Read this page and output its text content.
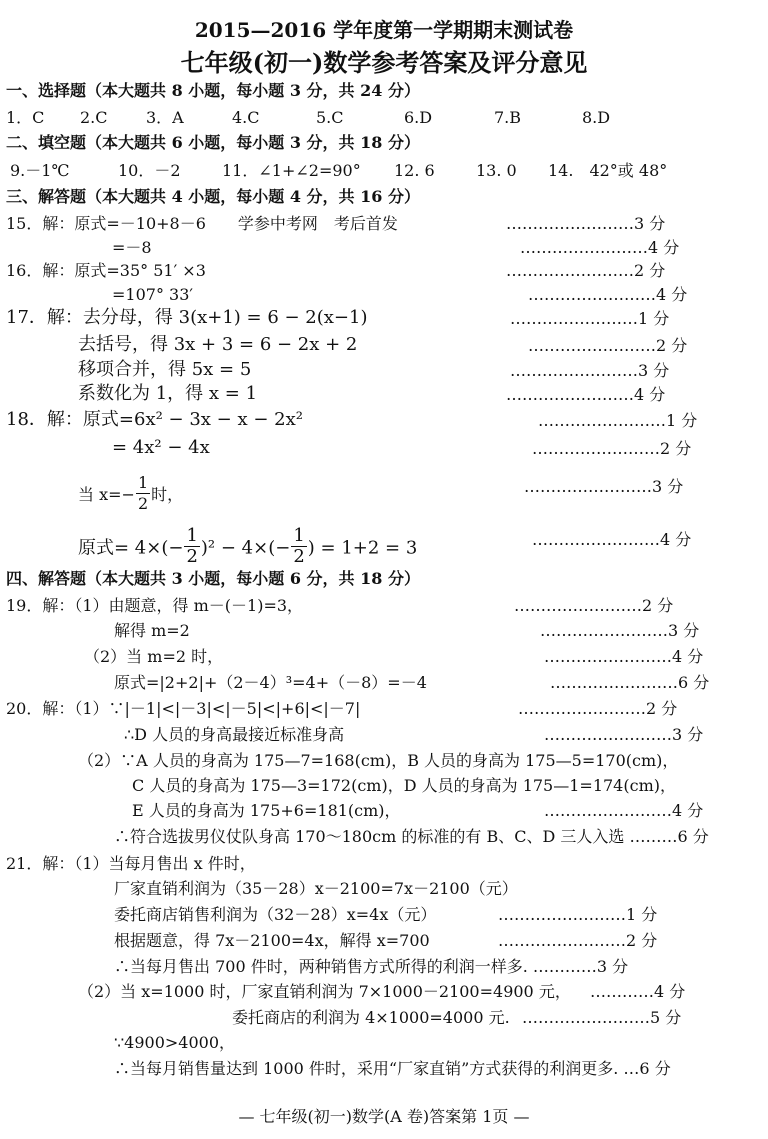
2015—2016 学年度第一学期期末测试卷
七年级(初一)数学参考答案及评分意见
一、选择题（本大题共 8 小题，每小题 3 分，共 24 分）
1．C 2.C 3．A	4.C	5.C	6.D	7.B	8.D
二、填空题（本大题共 6 小题，每小题 3 分，共 18 分）
9.－1℃	10．－2	11．∠1+∠2=90° 12. 6	13. 0 14.　42°或 48°
三、解答题（本大题共 4 小题，每小题 4 分，共 16 分）
15．解：原式=－10+8－6　　学参中考网　考后首发	……………………3 分
=－8	……………………4 分
16．解：原式=35° 51′ ×3	……………………2 分
=107° 33′	……………………4 分
17．解：去分母，得 3(x+1) = 6 − 2(x−1)	……………………1 分
去括号，得 3x + 3 = 6 − 2x + 2	……………………2 分
移项合并，得 5x = 5	……………………3 分
系数化为 1，得 x = 1	……………………4 分
18．解：原式=6x² − 3x − x − 2x²	……………………1 分
= 4x² − 4x	……………………2 分
当 $x=- \frac{1}{2}$ 时，	……………………3 分
原式= $4\times(- \frac{1}{2} )^2 - 4\times(- \frac{1}{2}$ ) = 1+2 = 3	……………………4 分
四、解答题（本大题共 3 小题，每小题 6 分，共 18 分）
19．解：（1）由题意，得 m－(－1)=3，	……………………2 分
解得 m=2	……………………3 分
（2）当 m=2 时，	……………………4 分
原式=|2+2|+（2－4）³=4+（－8）=－4	……………………6 分
20．解：（1）∵|－1|<|－3|<|－5|<|+6|<|－7|	……………………2 分
∴D 人员的身高最接近标准身高	……………………3 分
（2）∵A 人员的身高为 175—7=168(cm)，B 人员的身高为 175—5=170(cm)，
C 人员的身高为 175—3=172(cm)，D 人员的身高为 175—1=174(cm)，
E 人员的身高为 175+6=181(cm)，	……………………4 分
∴符合选拔男仪仗队身高 170～180cm 的标准的有 B、C、D 三人入选 ………6 分
21．解：（1）当每月售出 x 件时，
厂家直销利润为（35－28）x－2100=7x－2100（元）
委托商店销售利润为（32－28）x=4x（元）	……………………1 分
根据题意，得 7x－2100=4x，解得 x=700	……………………2 分
∴当每月售出 700 件时，两种销售方式所得的利润一样多. …………3 分
（2）当 x=1000 时，厂家直销利润为 7×1000－2100=4900 元， …………4 分
委托商店的利润为 4×1000=4000 元. ……………………5 分
∵4900>4000，
∴当每月销售量达到 1000 件时，采用“厂家直销”方式获得的利润更多. …6 分
— 七年级(初一)数学(A 卷)答案第 1页 —
